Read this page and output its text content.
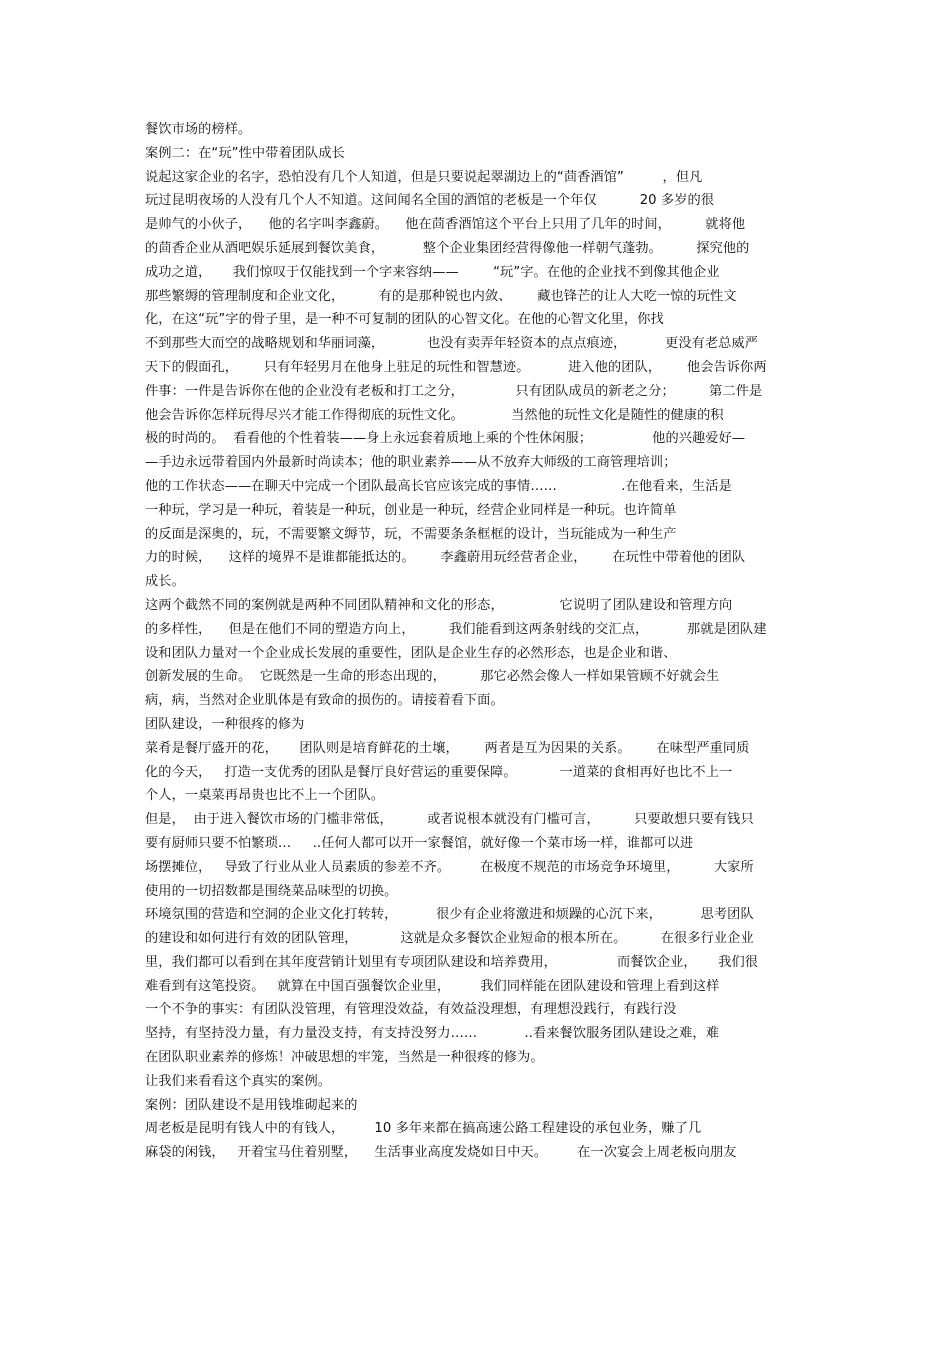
餐饮市场的榜样。
案例二：在“玩”性中带着团队成长
说起这家企业的名字，恐怕没有几个人知道，但是只要说起翠湖边上的“茴香酒馆”         ，但凡
玩过昆明夜场的人没有几个人不知道。这间闻名全国的酒馆的老板是一个年仅          20 多岁的很
是帅气的小伙子，    他的名字叫李鑫蔚。    他在茴香酒馆这个平台上只用了几年的时间，        就将他
的茴香企业从酒吧娱乐延展到餐饮美食，         整个企业集团经营得像他一样朝气蓬勃。        探究他的
成功之道，     我们惊叹于仅能找到一个字来容纳——        “玩”字。在他的企业找不到像其他企业
那些繁缛的管理制度和企业文化，        有的是那种锐也内敛、      藏也锋芒的让人大吃一惊的玩性文
化，在这“玩”字的骨子里，是一种不可复制的团队的心智文化。在他的心智文化里，你找
不到那些大而空的战略规划和华丽词藻，          也没有卖弄年轻资本的点点痕迹，         更没有老总威严
天下的假面孔，      只有年轻男月在他身上驻足的玩性和智慧迹。         进入他的团队，      他会告诉你两
件事：一件是告诉你在他的企业没有老板和打工之分，            只有团队成员的新老之分；        第二件是
他会告诉你怎样玩得尽兴才能工作得彻底的玩性文化。           当然他的玩性文化是随性的健康的积
极的时尚的。  看看他的个性着装——身上永远套着质地上乘的个性休闲服；              他的兴趣爱好—
—手边永远带着国内外最新时尚读本；他的职业素养——从不放弃大师级的工商管理培训；
他的工作状态——在聊天中完成一个团队最高长官应该完成的事情……               .在他看来，生活是
一种玩，学习是一种玩，着装是一种玩，创业是一种玩，经营企业同样是一种玩。也许简单
的反面是深奥的，玩，不需要繁文缛节，玩，不需要条条框框的设计，当玩能成为一种生产
力的时候，    这样的境界不是谁都能抵达的。      李鑫蔚用玩经营者企业，      在玩性中带着他的团队
成长。
这两个截然不同的案例就是两种不同团队精神和文化的形态，             它说明了团队建设和管理方向
的多样性，    但是在他们不同的塑造方向上，        我们能看到这两条射线的交汇点，         那就是团队建
设和团队力量对一个企业成长发展的重要性，团队是企业生存的必然形态，也是企业和谐、
创新发展的生命。  它既然是一生命的形态出现的，        那它必然会像人一样如果管顾不好就会生
病，病，当然对企业肌体是有致命的损伤的。请接着看下面。
团队建设，一种很疼的修为
菜肴是餐厅盛开的花，     团队则是培育鲜花的土壤，      两者是互为因果的关系。      在味型严重同质
化的今天，   打造一支优秀的团队是餐厅良好营运的重要保障。          一道菜的食相再好也比不上一
个人，一桌菜再昂贵也比不上一个团队。
但是，  由于进入餐饮市场的门槛非常低，        或者说根本就没有门槛可言，        只要敢想只要有钱只
要有厨师只要不怕繁琐…     ..任何人都可以开一家餐馆，就好像一个菜市场一样，谁都可以进
场摆摊位，   导致了行业从业人员素质的参差不齐。       在极度不规范的市场竞争环境里，        大家所
使用的一切招数都是围绕菜品味型的切换。
环境氛围的营造和空洞的企业文化打转转，         很少有企业将激进和烦躁的心沉下来，         思考团队
的建设和如何进行有效的团队管理，          这就是众多餐饮企业短命的根本所在。        在很多行业企业
里，我们都可以看到在其年度营销计划里有专项团队建设和培养费用，              而餐饮企业，     我们很
难看到有这笔投资。   就算在中国百强餐饮企业里，       我们同样能在团队建设和管理上看到这样
一个不争的事实：有团队没管理，有管理没效益，有效益没理想，有理想没践行，有践行没
坚持，有坚持没力量，有力量没支持，有支持没努力……           ..看来餐饮服务团队建设之难，难
在团队职业素养的修炼！冲破思想的牢笼，当然是一种很疼的修为。
让我们来看看这个真实的案例。
案例：团队建设不是用钱堆砌起来的
周老板是昆明有钱人中的有钱人，       10 多年来都在搞高速公路工程建设的承包业务，赚了几
麻袋的闲钱，   开着宝马住着别墅，    生活事业高度发烧如日中天。       在一次宴会上周老板向朋友
